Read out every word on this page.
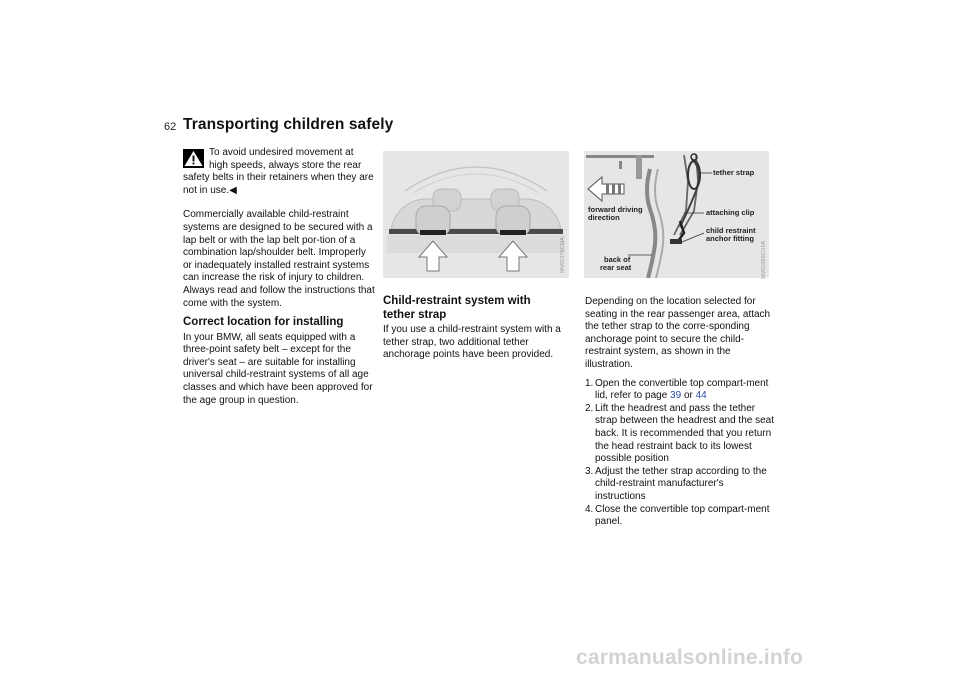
62 Transporting children safely

To avoid undesired movement at
high speeds, always store the rear
safety belts in their retainers when they are not in use.◀

Commercially available child-restraint systems are designed to be secured with a lap belt or with the lap belt por-tion of a combination lap/shoulder belt. Improperly or inadequately installed restraint systems can increase the risk of injury to children. Always read and follow the instructions that come with the system.

Correct location for installing

In your BMW, all seats equipped with a three-point safety belt – except for the driver's seat – are suitable for installing universal child-restraint systems of all age classes and which have been approved for the age group in question.

MV01076CMA
tether strap
forward driving
direction
attaching clip
child restraint
anchor fitting
back of
rear seat	MV01056CUFA
Child-restraint system with
tether strap

If you use a child-restraint system with a tether strap, two additional tether anchorage points have been provided.

Depending on the location selected for seating in the rear passenger area, attach the tether strap to the corre-sponding anchorage point to secure the child-restraint system, as shown in the illustration.

1. Open the convertible top compart-ment lid, refer to page 39 or 44
2. Lift the headrest and pass the tether strap between the headrest and the seat back. It is recommended that you return the head restraint back to its lowest possible position
3. Adjust the tether strap according to the child-restraint manufacturer's instructions
4. Close the convertible top compart-ment panel.
carmanualsonline.info
